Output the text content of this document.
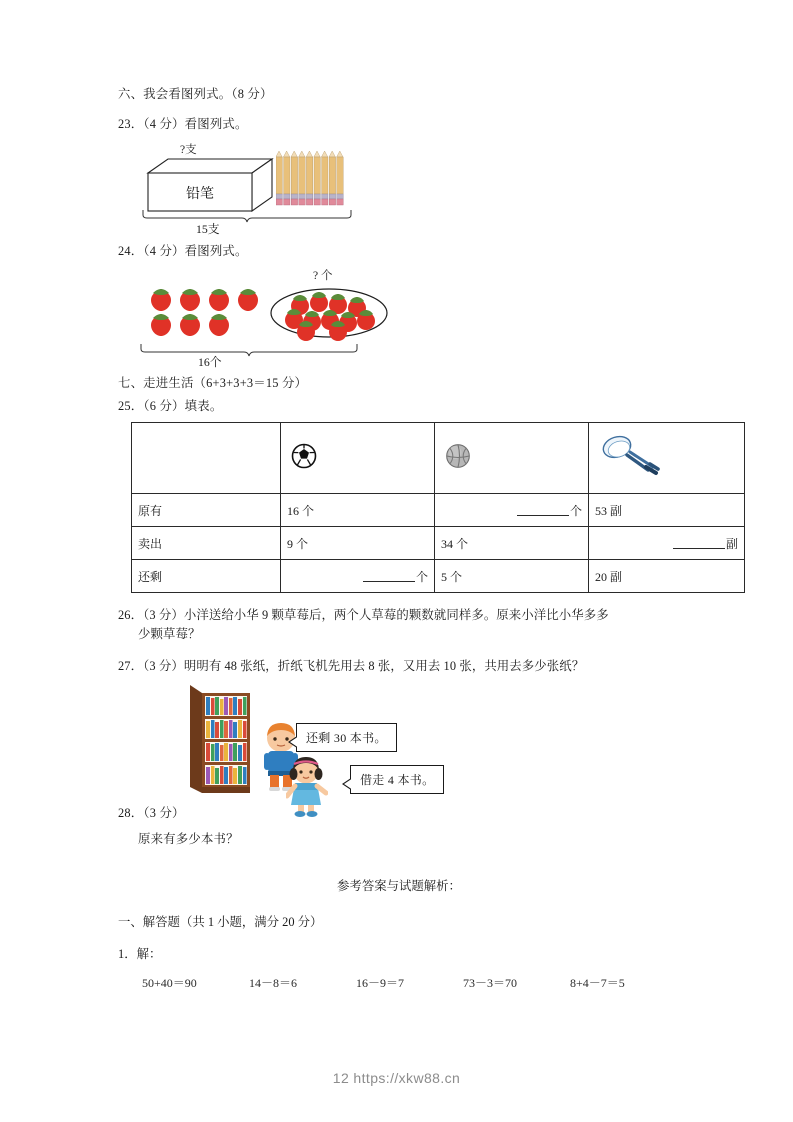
六、我会看图列式。（8 分）
23．（4 分）看图列式。
?支
铅笔
15支
24．（4 分）看图列式。
? 个
16个
七、走进生活（6+3+3+3＝15 分）
25．（6 分）填表。

原有	16 个	个	53 副
卖出	9 个	34 个	副
还剩	个	5 个	20 副
26．（3 分）小洋送给小华 9 颗草莓后，两个人草莓的颗数就同样多。原来小洋比小华多多
少颗草莓？
27．（3 分）明明有 48 张纸，折纸飞机先用去 8 张，又用去 10 张，共用去多少张纸？
还剩 30 本书。
借走 4 本书。
28．（3 分）
原来有多少本书？
参考答案与试题解析：
一、解答题（共 1 小题，满分 20 分）
1．解：
50+40＝90	14－8＝6	16－9＝7	73－3＝70	8+4－7＝5
12 https://xkw88.cn
